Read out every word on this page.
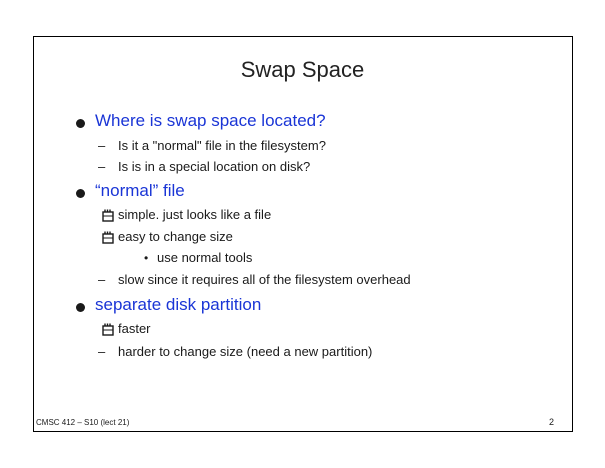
Swap Space
Where is swap space located?
– Is it a "normal" file in the filesystem?
– Is is in a special location on disk?
“normal” file
simple. just looks like a file
easy to change size
• use normal tools
– slow since it requires all of the filesystem overhead
separate disk partition
faster
– harder to change size (need a new partition)
CMSC 412 – S10 (lect 21)	2
